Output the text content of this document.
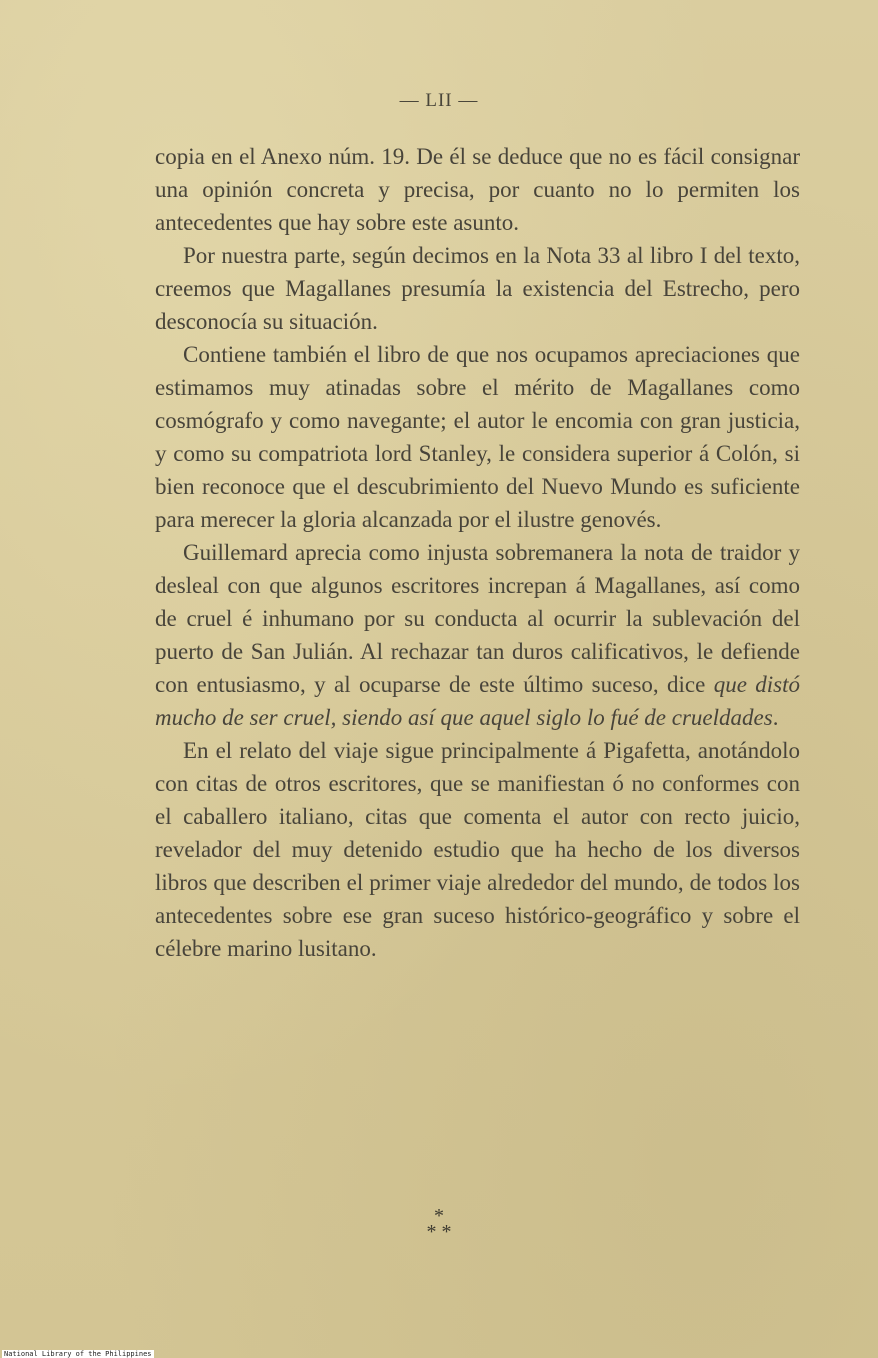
— LII —

copia en el Anexo núm. 19. De él se deduce que no es fácil consignar una opinión concreta y precisa, por cuanto no lo permiten los antecedentes que hay sobre este asunto.

Por nuestra parte, según decimos en la Nota 33 al libro I del texto, creemos que Magallanes presumía la existencia del Estrecho, pero desconocía su situación.

Contiene también el libro de que nos ocupamos apreciaciones que estimamos muy atinadas sobre el mérito de Magallanes como cosmógrafo y como navegante; el autor le encomia con gran justicia, y como su compatriota lord Stanley, le considera superior á Colón, si bien reconoce que el descubrimiento del Nuevo Mundo es suficiente para merecer la gloria alcanzada por el ilustre genovés.

Guillemard aprecia como injusta sobremanera la nota de traidor y desleal con que algunos escritores increpan á Magallanes, así como de cruel é inhumano por su conducta al ocurrir la sublevación del puerto de San Julián. Al rechazar tan duros calificativos, le defiende con entusiasmo, y al ocuparse de este último suceso, dice que distó mucho de ser cruel, siendo así que aquel siglo lo fué de crueldades.

En el relato del viaje sigue principalmente á Pigafetta, anotándolo con citas de otros escritores, que se manifiestan ó no conformes con el caballero italiano, citas que comenta el autor con recto juicio, revelador del muy detenido estudio que ha hecho de los diversos libros que describen el primer viaje alrededor del mundo, de todos los antecedentes sobre ese gran suceso histórico-geográfico y sobre el célebre marino lusitano.

*
* *
National Library of the Philippines
